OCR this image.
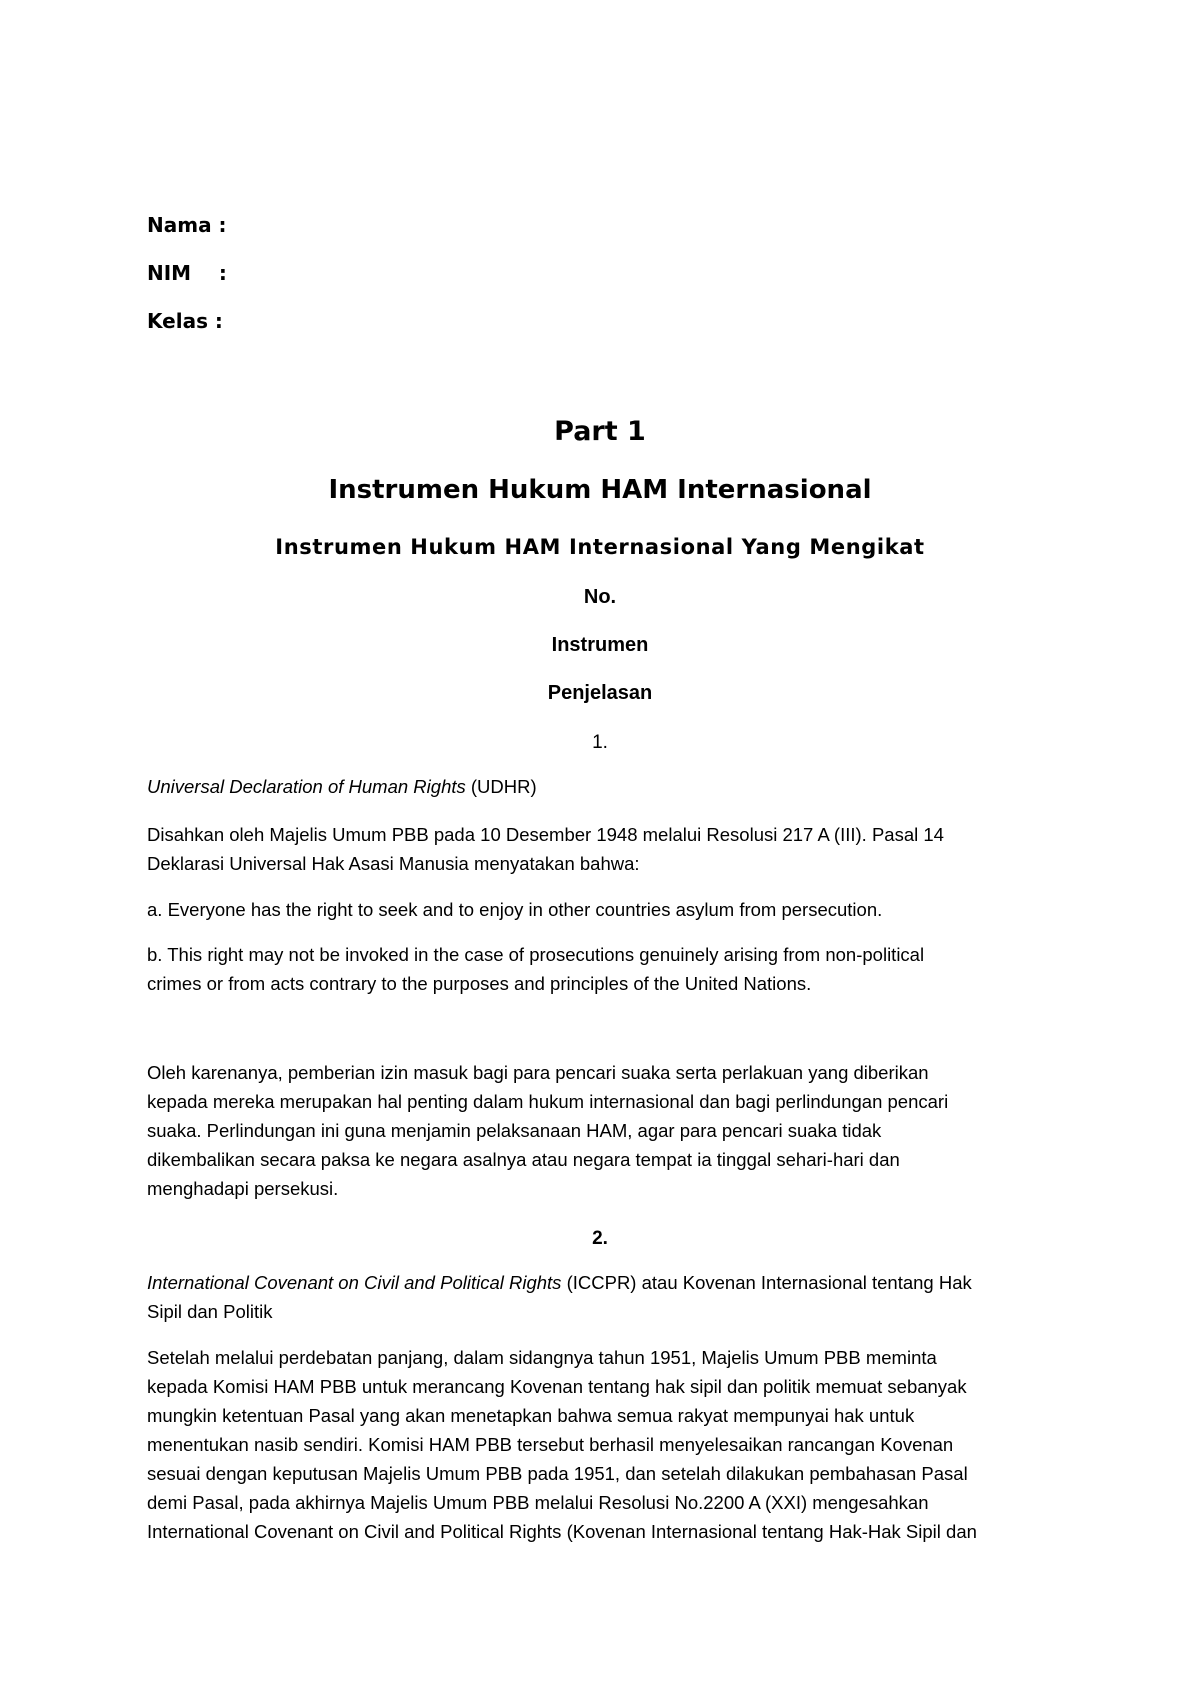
Nama :
NIM    :
Kelas :
Part 1
Instrumen Hukum HAM Internasional
Instrumen Hukum HAM Internasional Yang Mengikat
No.
Instrumen
Penjelasan
1.

Universal Declaration of Human Rights (UDHR)

Disahkan oleh Majelis Umum PBB pada 10 Desember 1948 melalui Resolusi 217 A (III). Pasal 14
Deklarasi Universal Hak Asasi Manusia menyatakan bahwa:

a. Everyone has the right to seek and to enjoy in other countries asylum from persecution.

b. This right may not be invoked in the case of prosecutions genuinely arising from non-political
crimes or from acts contrary to the purposes and principles of the United Nations.

Oleh karenanya, pemberian izin masuk bagi para pencari suaka serta perlakuan yang diberikan
kepada mereka merupakan hal penting dalam hukum internasional dan bagi perlindungan pencari
suaka. Perlindungan ini guna menjamin pelaksanaan HAM, agar para pencari suaka tidak
dikembalikan secara paksa ke negara asalnya atau negara tempat ia tinggal sehari-hari dan
menghadapi persekusi.

2.

International Covenant on Civil and Political Rights (ICCPR) atau Kovenan Internasional tentang Hak
Sipil dan Politik

Setelah melalui perdebatan panjang, dalam sidangnya tahun 1951, Majelis Umum PBB meminta
kepada Komisi HAM PBB untuk merancang Kovenan tentang hak sipil dan politik memuat sebanyak
mungkin ketentuan Pasal yang akan menetapkan bahwa semua rakyat mempunyai hak untuk
menentukan nasib sendiri. Komisi HAM PBB tersebut berhasil menyelesaikan rancangan Kovenan
sesuai dengan keputusan Majelis Umum PBB pada 1951, dan setelah dilakukan pembahasan Pasal
demi Pasal, pada akhirnya Majelis Umum PBB melalui Resolusi No.2200 A (XXI) mengesahkan
International Covenant on Civil and Political Rights (Kovenan Internasional tentang Hak-Hak Sipil dan
